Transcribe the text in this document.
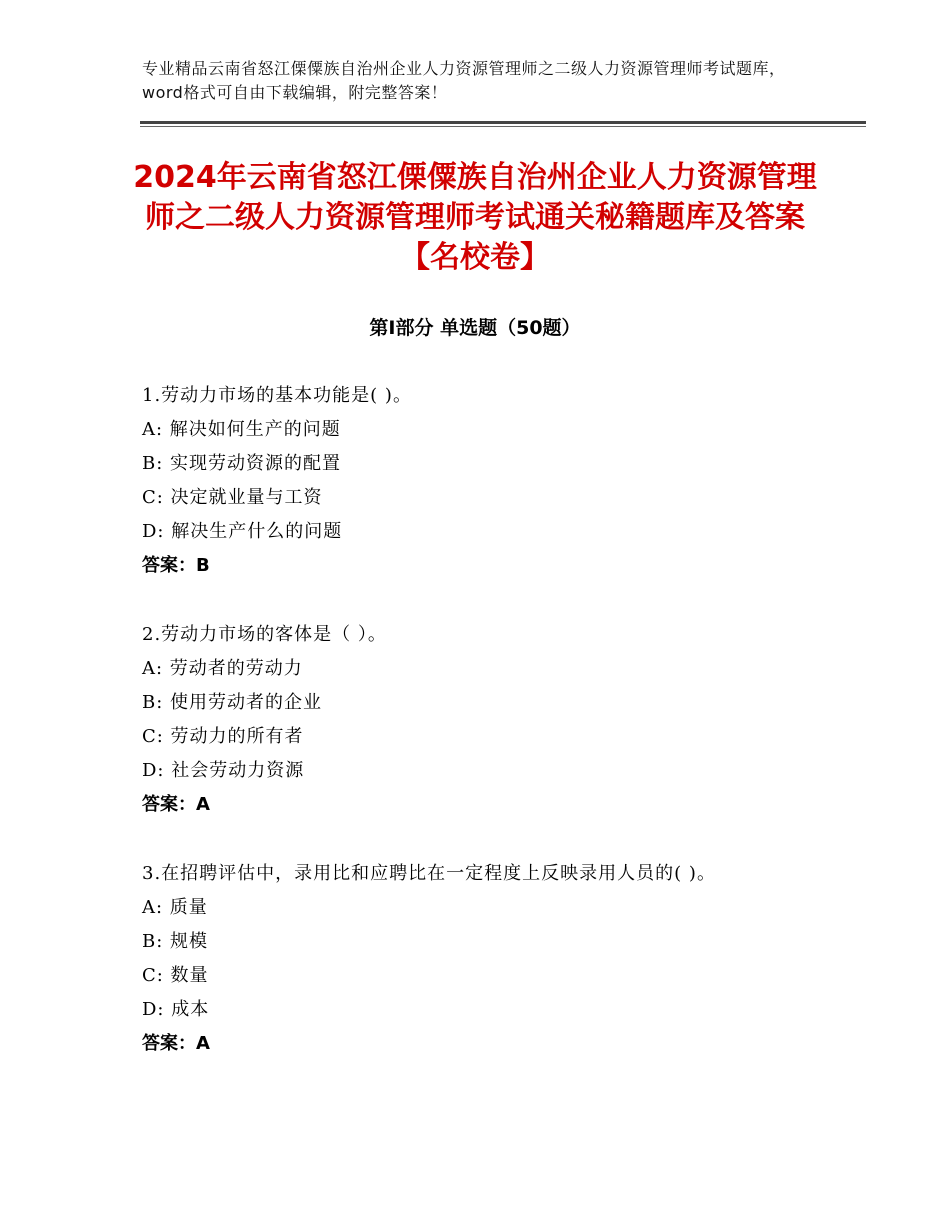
专业精品云南省怒江傈僳族自治州企业人力资源管理师之二级人力资源管理师考试题库，word格式可自由下载编辑，附完整答案！
2024年云南省怒江傈僳族自治州企业人力资源管理师之二级人力资源管理师考试通关秘籍题库及答案【名校卷】
第Ⅰ部分 单选题（50题）
1.劳动力市场的基本功能是( )。
A: 解决如何生产的问题
B: 实现劳动资源的配置
C: 决定就业量与工资
D: 解决生产什么的问题
答案：B
2.劳动力市场的客体是（ ）。
A: 劳动者的劳动力
B: 使用劳动者的企业
C: 劳动力的所有者
D: 社会劳动力资源
答案：A
3.在招聘评估中，录用比和应聘比在一定程度上反映录用人员的( )。
A: 质量
B: 规模
C: 数量
D: 成本
答案：A
